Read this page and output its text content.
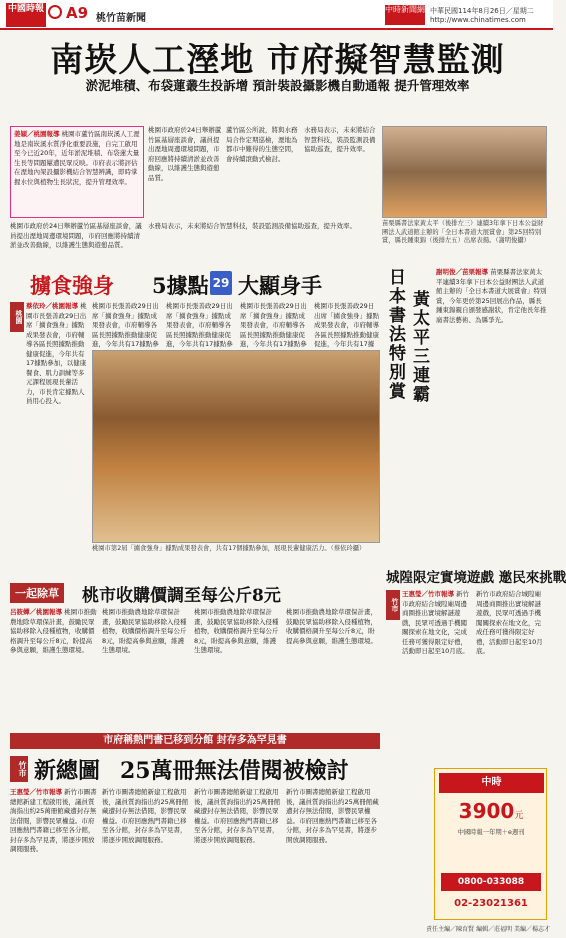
中國時報 A9 桃竹苗新聞
中時新聞網 中華民國114年8月26日／星期二
http://www.chinatimes.com
南崁人工溼地 市府擬智慧監測
淤泥堆積、布袋蓮叢生投訴增 預計裝設攝影機自動通報 提升管理效率
姜穎／桃園報導 桃園市蘆竹區南崁溪人工溼地是南崁溪水質淨化重要設施，自完工啟用至今已近20年，近年淤泥堆積、布袋蓮大量生長等問題屢遭民眾反映。市府表示將評估在溼地內架設攝影機結合智慧辨識，即時掌握水位與植物生長狀況，提升管理效率。
桃園市政府於24日舉辦蘆竹區基層座談會，議員提出溼地周邊環境問題，市府回應將持續清淤並改善動線，以維護生態與遊憩品質。
蘆竹區公所說，將與水務局合作定期巡檢，溼地為都市中難得的生態空間，會持續滾動式檢討。
水務局表示，未來將結合智慧科技，裝設監測設備協助巡查，提升效率。
桃園市政府於24日舉辦蘆竹區基層座談會，議員提出溼地周邊環境問題，市府回應將持續清淤並改善動線，以維護生態與遊憩品質。
水務局表示，未來將結合智慧科技，裝設監測設備協助巡查，提升效率。	苗栗縣書法家黃太平（後排左三）連續3年拿下日本公益財團法人武道館主辦的「全日本書道大展賞會」第25回特別賞，縣長鍾東錦（後排左五）出席表揚。（謝明俊攝）
擄食強身 5據點 29 大顯身手
桃園
蔡依玲／桃園報導 桃園市長張善政29日出席「擄食強身」據點成果發表會，市府輔導各區長照據點推動健康促進，今年共有17據點參加，以健康餐食、肌力訓練等多元課程展現長輩活力，市長肯定據點人員用心投入。
桃園市長張善政29日出席「擄食強身」據點成果發表會，市府輔導各區長照據點推動健康促進，今年共有17據點參
桃園市長張善政29日出席「擄食強身」據點成果發表會，市府輔導各區長照據點推動健康促進，今年共有17據點參
桃園市長張善政29日出席「擄食強身」據點成果發表會，市府輔導各區長照據點推動健康促進，今年共有17據點參
桃園市長張善政29日出席「擄食強身」據點成果發表會，市府輔導各區長照據點推動健康促進，今年共有17據
桃園市第2屆「擄食強身」據點成果發表會，共有17個據點參加，展現長輩健康活力。（蔡依玲攝）
一起除草 桃市收購價調至每公斤8元
呂筱蟬／桃園報導 桃園市推動農地除草環保計畫，鼓勵民眾協助移除入侵種植物，收購價格調升至每公斤8元，盼提高參與意願，維護生態環境。
桃園市推動農地除草環保計畫，鼓勵民眾協助移除入侵種植物，收購價格調升至每公斤8元，盼提高參與意願，維護生態環境。
桃園市推動農地除草環保計畫，鼓勵民眾協助移除入侵種植物，收購價格調升至每公斤8元，盼提高參與意願，維護生態環境。
桃園市推動農地除草環保計畫，鼓勵民眾協助移除入侵種植物，收購價格調升至每公斤8元，盼提高參與意願，維護生態環境。
日本書法特別賞 黃太平三連霸
謝明俊／苗栗報導 苗栗縣書法家黃太平連續3年拿下日本公益財團法人武道館主辦的「全日本書道大展賞會」特別賞，今年更於第25回展出作品，縣長鍾東錦親自頒發感謝狀，肯定他長年推廣書法藝術、為縣爭光。
城隍限定實境遊戲 邀民來挑戰
竹市
王惠瑩／竹市報導 新竹市政府結合城隍廟周邊商圈推出實境解謎遊戲，民眾可透過手機闖關探索在地文化，完成任務可獲得限定好禮，活動即日起至10月底。
新竹市政府結合城隍廟周邊商圈推出實境解謎遊戲，民眾可透過手機闖關探索在地文化，完成任務可獲得限定好禮，活動即日起至10月底。
市府稱熱門書已移到分館 封存多為罕見書
竹市 新總圖 25萬冊無法借閱被檢討
王惠瑩／竹市報導 新竹市圖書總館新建工程啟用後，議員質詢指出約25萬冊館藏遭封存無法借閱，影響民眾權益。市府回應熱門書籍已移至各分館，封存多為罕見書，將逐步開放調閱服務。
新竹市圖書總館新建工程啟用後，議員質詢指出約25萬冊館藏遭封存無法借閱，影響民眾權益。市府回應熱門書籍已移至各分館，封存多為罕見書，將逐步開放調閱服務。
新竹市圖書總館新建工程啟用後，議員質詢指出約25萬冊館藏遭封存無法借閱，影響民眾權益。市府回應熱門書籍已移至各分館，封存多為罕見書，將逐步開放調閱服務。
新竹市圖書總館新建工程啟用後，議員質詢指出約25萬冊館藏遭封存無法借閱，影響民眾權益。市府回應熱門書籍已移至各分館，封存多為罕見書，將逐步開放調閱服務。
中時
3900元
中國時報一年期＋e週刊
0800-033088
02-23021361
責任主編／陳育賢 編輯／莊福明 美編／楊志才
